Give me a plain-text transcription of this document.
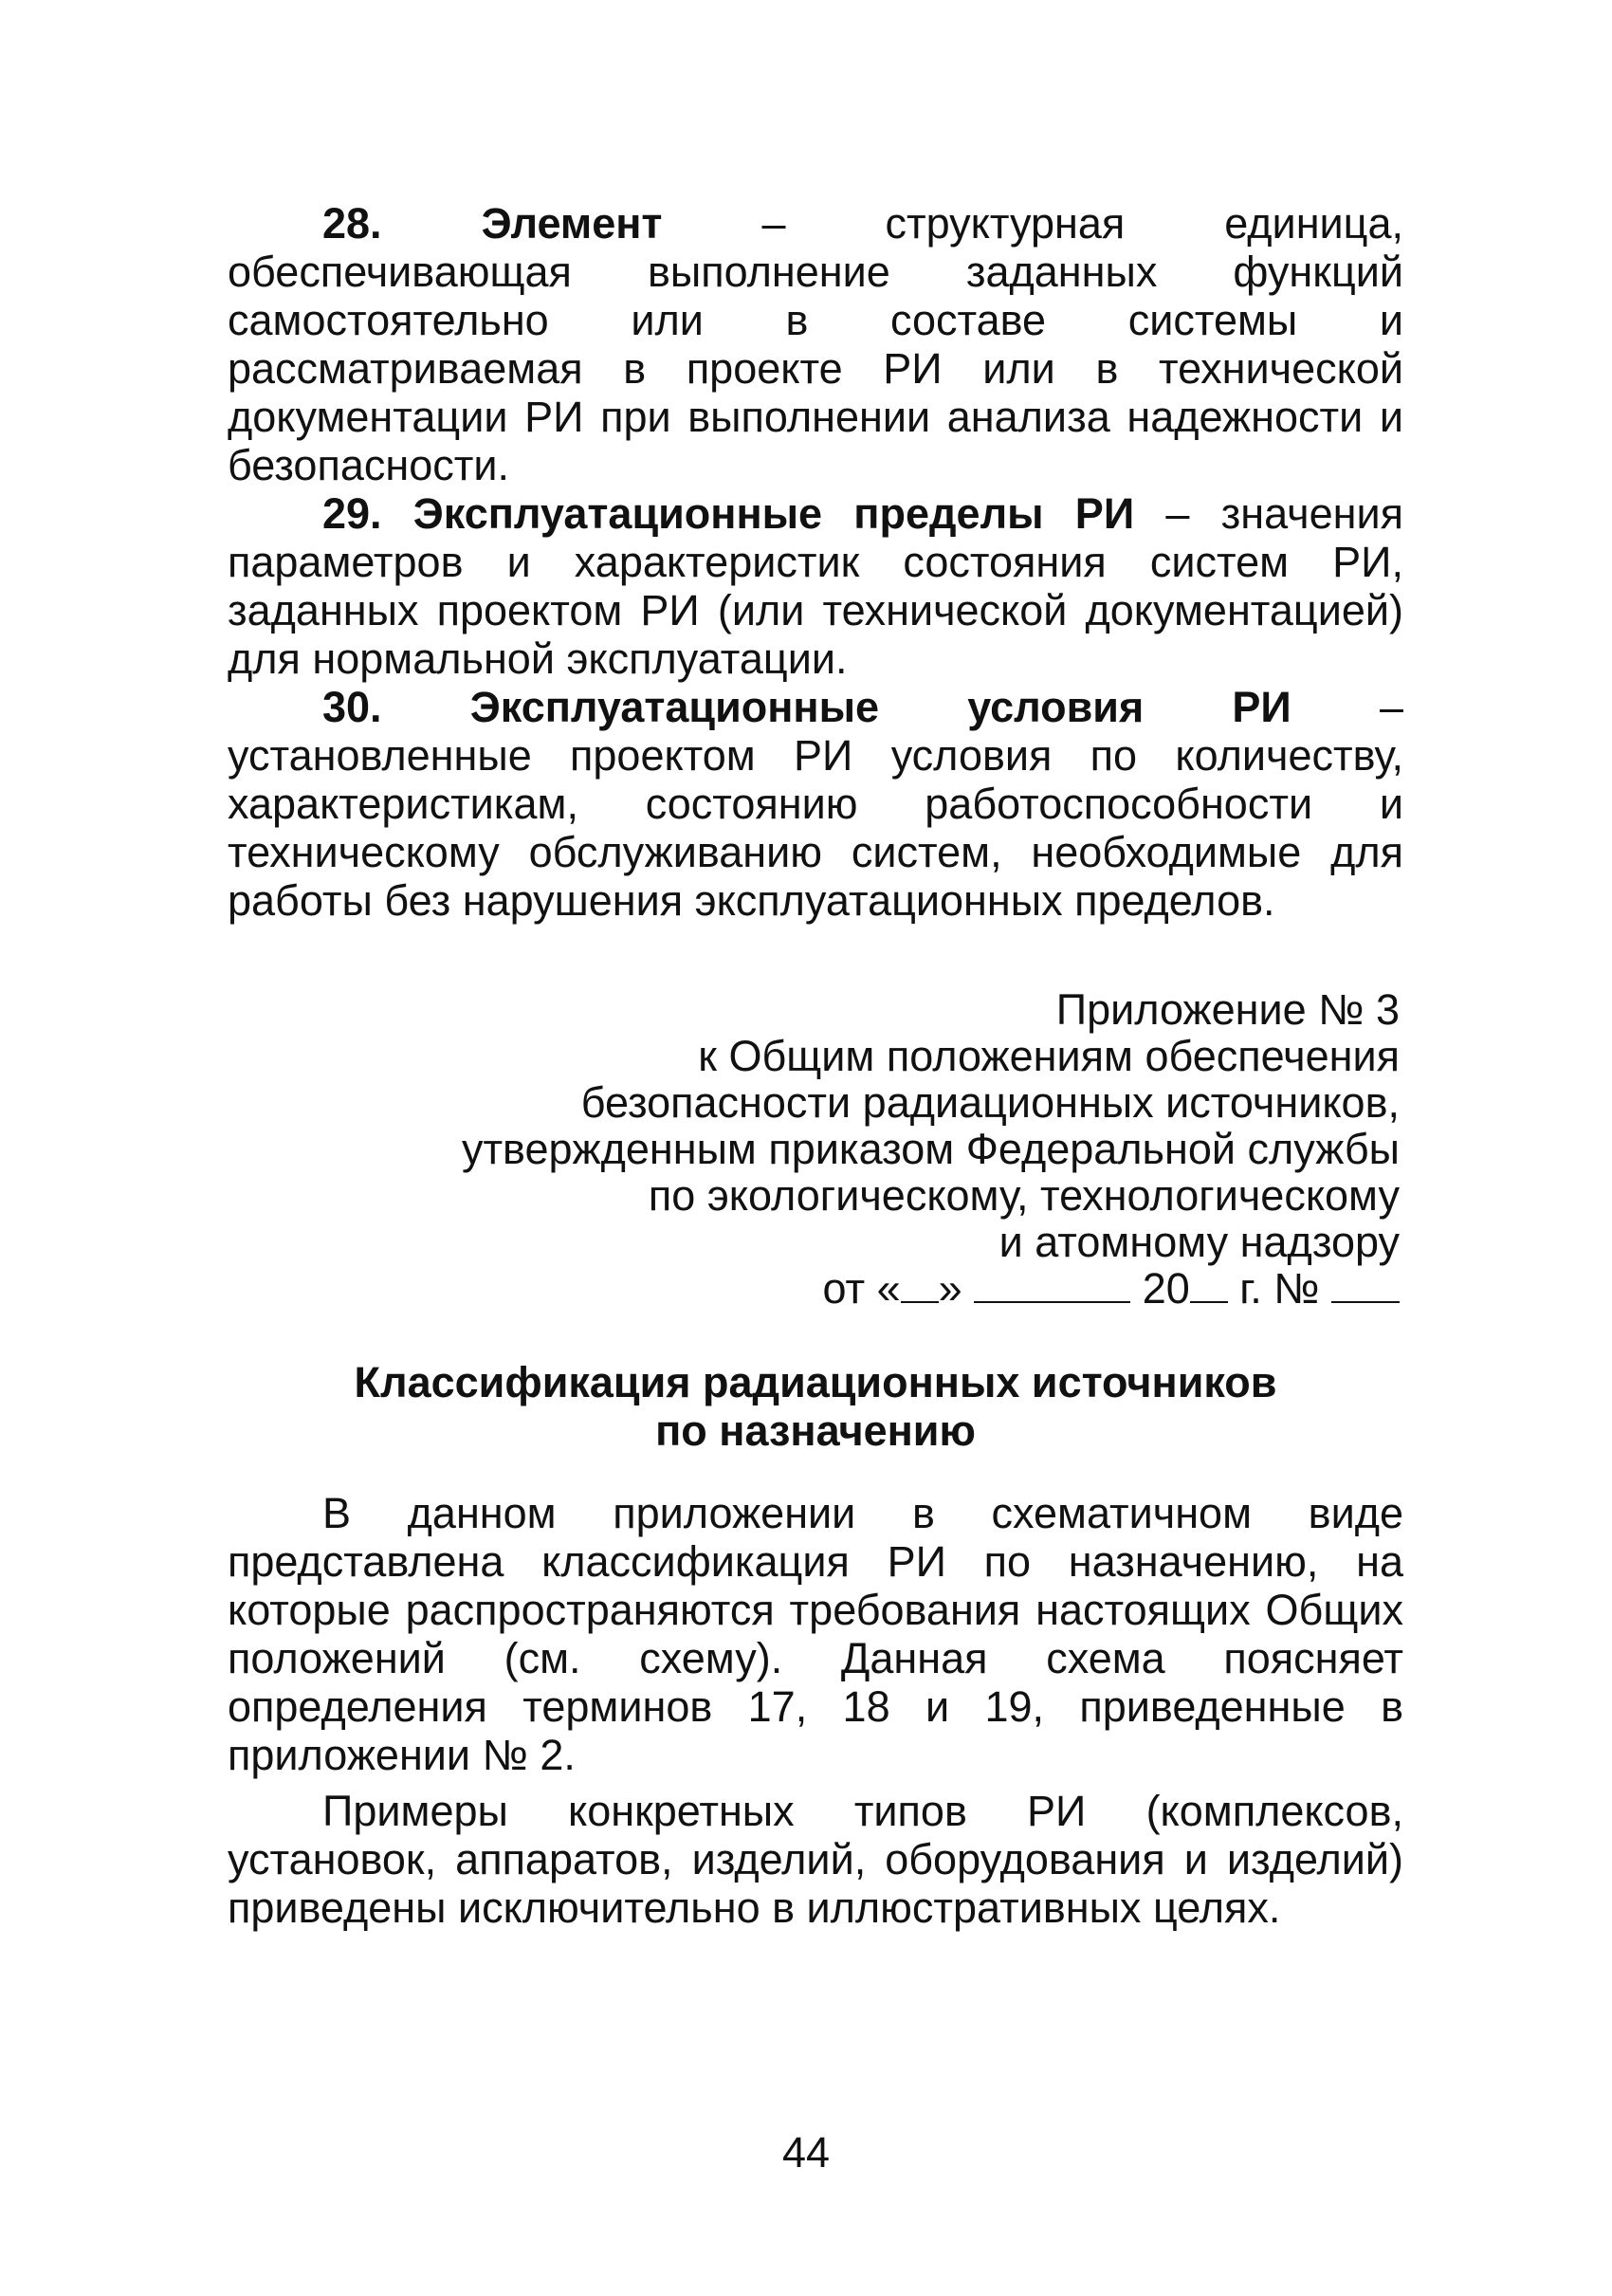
28. Элемент – структурная единица, обеспечивающая выполнение заданных функций самостоятельно или в составе системы и рассматриваемая в проекте РИ или в технической документации РИ при выполнении анализа надежности и безопасности.

29. Эксплуатационные пределы РИ – значения параметров и характеристик состояния систем РИ, заданных проектом РИ (или технической документацией) для нормальной эксплуатации.

30. Эксплуатационные условия РИ – установленные проектом РИ условия по количеству, характеристикам, состоянию работоспособности и техническому обслуживанию систем, необходимые для работы без нарушения эксплуатационных пределов.

Приложение № 3
к Общим положениям обеспечения
безопасности радиационных источников,
утвержденным приказом Федеральной службы
по экологическому, технологическому
и атомному надзору
от « »	20 г. №
Классификация радиационных источников
по назначению

В данном приложении в схематичном виде представлена классификация РИ по назначению, на которые распространяются требования настоящих Общих положений (см. схему). Данная схема поясняет определения терминов 17, 18 и 19, приведенные в приложении № 2.

Примеры конкретных типов РИ (комплексов, установок, аппаратов, изделий, оборудования и изделий) приведены исключительно в иллюстративных целях.

44
